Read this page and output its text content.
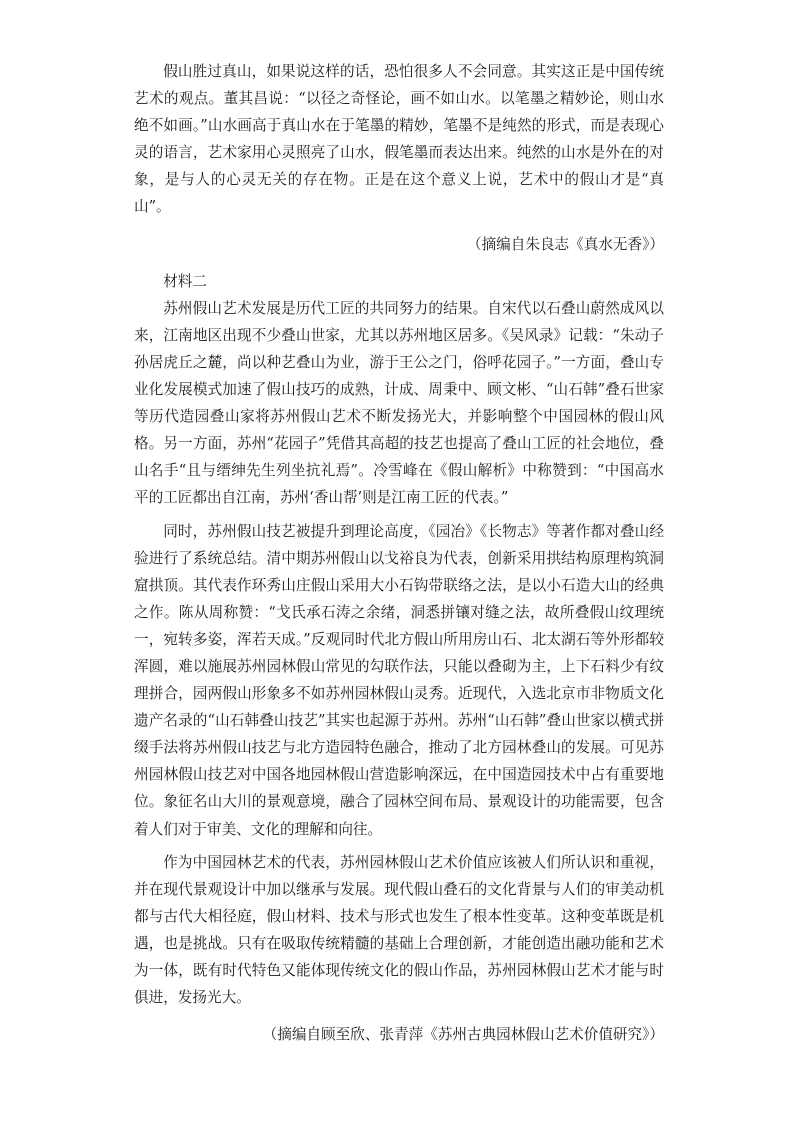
假山胜过真山，如果说这样的话，恐怕很多人不会同意。其实这正是中国传统艺术的观点。董其昌说：“以径之奇怪论，画不如山水。以笔墨之精妙论，则山水绝不如画。”山水画高于真山水在于笔墨的精妙，笔墨不是纯然的形式，而是表现心灵的语言，艺术家用心灵照亮了山水，假笔墨而表达出来。纯然的山水是外在的对象，是与人的心灵无关的存在物。正是在这个意义上说，艺术中的假山才是“真山”。

（摘编自朱良志《真水无香》）

材料二

苏州假山艺术发展是历代工匠的共同努力的结果。自宋代以石叠山蔚然成风以来，江南地区出现不少叠山世家，尤其以苏州地区居多。《吴风录》记载：“朱动子孙居虎丘之麓，尚以种艺叠山为业，游于王公之门，俗呼花园子。”一方面，叠山专业化发展模式加速了假山技巧的成熟，计成、周秉中、顾文彬、“山石韩”叠石世家等历代造园叠山家将苏州假山艺术不断发扬光大，并影响整个中国园林的假山风格。另一方面，苏州“花园子”凭借其高超的技艺也提高了叠山工匠的社会地位，叠山名手“且与缙绅先生列坐抗礼焉”。冷雪峰在《假山解析》中称赞到：“中国高水平的工匠都出自江南，苏州‘香山帮’则是江南工匠的代表。”

同时，苏州假山技艺被提升到理论高度，《园冶》《长物志》等著作都对叠山经验进行了系统总结。清中期苏州假山以戈裕良为代表，创新采用拱结构原理构筑洞窟拱顶。其代表作环秀山庄假山采用大小石钩带联络之法，是以小石造大山的经典之作。陈从周称赞：“戈氏承石涛之余绪，洞悉拼镶对缝之法，故所叠假山纹理统一，宛转多姿，浑若天成。”反观同时代北方假山所用房山石、北太湖石等外形都较浑圆，难以施展苏州园林假山常见的勾联作法，只能以叠砌为主，上下石料少有纹理拼合，园两假山形象多不如苏州园林假山灵秀。近现代，入选北京市非物质文化遗产名录的“山石韩叠山技艺”其实也起源于苏州。苏州“山石韩”叠山世家以横式拼缀手法将苏州假山技艺与北方造园特色融合，推动了北方园林叠山的发展。可见苏州园林假山技艺对中国各地园林假山营造影响深远，在中国造园技术中占有重要地位。象征名山大川的景观意境，融合了园林空间布局、景观设计的功能需要，包含着人们对于审美、文化的理解和向往。

作为中国园林艺术的代表，苏州园林假山艺术价值应该被人们所认识和重视，并在现代景观设计中加以继承与发展。现代假山叠石的文化背景与人们的审美动机都与古代大相径庭，假山材料、技术与形式也发生了根本性变革。这种变革既是机遇，也是挑战。只有在吸取传统精髓的基础上合理创新，才能创造出融功能和艺术为一体，既有时代特色又能体现传统文化的假山作品，苏州园林假山艺术才能与时俱进，发扬光大。

（摘编自顾至欣、张青萍《苏州古典园林假山艺术价值研究》）
